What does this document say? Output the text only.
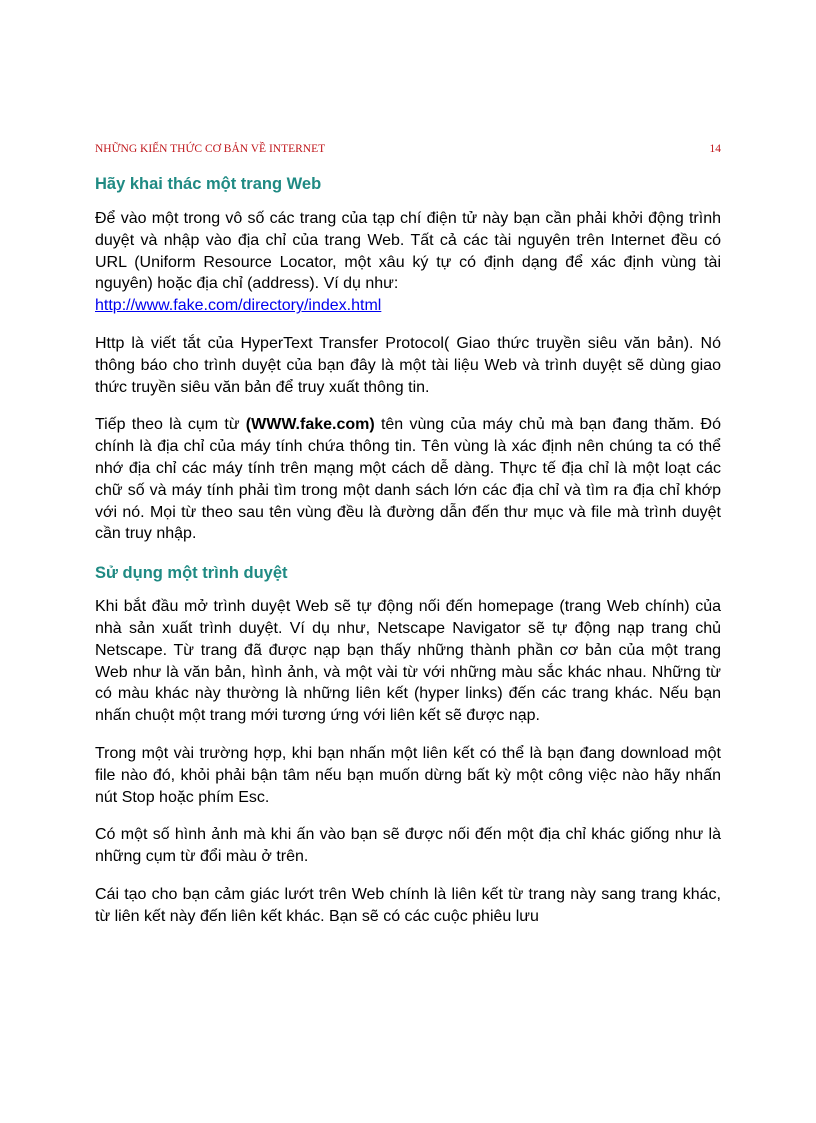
NHỮNG KIẾN THỨC CƠ BẢN VỀ INTERNET	14
Hãy khai thác một trang Web

Để vào một trong vô số các trang của tạp chí điện tử này bạn cần phải khởi động trình duyệt và nhập vào địa chỉ của trang Web. Tất cả các tài nguyên trên Internet đều có URL (Uniform Resource Locator, một xâu ký tự có định dạng để xác định vùng tài nguyên) hoặc địa chỉ (address). Ví dụ như:
http://www.fake.com/directory/index.html

Http là viết tắt của HyperText Transfer Protocol( Giao thức truyền siêu văn bản). Nó thông báo cho trình duyệt của bạn đây là một tài liệu Web và trình duyệt sẽ dùng giao thức truyền siêu văn bản để truy xuất thông tin.

Tiếp theo là cụm từ (WWW.fake.com) tên vùng của máy chủ mà bạn đang thăm. Đó chính là địa chỉ của máy tính chứa thông tin. Tên vùng là xác định nên chúng ta có thể nhớ địa chỉ các máy tính trên mạng một cách dễ dàng. Thực tế địa chỉ là một loạt các chữ số và máy tính phải tìm trong một danh sách lớn các địa chỉ và tìm ra địa chỉ khớp với nó. Mọi từ theo sau tên vùng đều là đường dẫn đến thư mục và file mà trình duyệt cần truy nhập.

Sử dụng một trình duyệt

Khi bắt đầu mở trình duyệt Web sẽ tự động nối đến homepage (trang Web chính) của nhà sản xuất trình duyệt. Ví dụ như, Netscape Navigator sẽ tự động nạp trang chủ Netscape. Từ trang đã được nạp bạn thấy những thành phần cơ bản của một trang Web như là văn bản, hình ảnh, và một vài từ với những màu sắc khác nhau. Những từ có màu khác này thường là những liên kết (hyper links) đến các trang khác. Nếu bạn nhấn chuột một trang mới tương ứng với liên kết sẽ được nạp.

Trong một vài trường hợp, khi bạn nhấn một liên kết có thể là bạn đang download một file nào đó, khỏi phải bận tâm nếu bạn muốn dừng bất kỳ một công việc nào hãy nhấn nút Stop hoặc phím Esc.

Có một số hình ảnh mà khi ấn vào bạn sẽ được nối đến một địa chỉ khác giống như là những cụm từ đổi màu ở trên.

Cái tạo cho bạn cảm giác lướt trên Web chính là liên kết từ trang này sang trang khác, từ liên kết này đến liên kết khác. Bạn sẽ có các cuộc phiêu lưu
